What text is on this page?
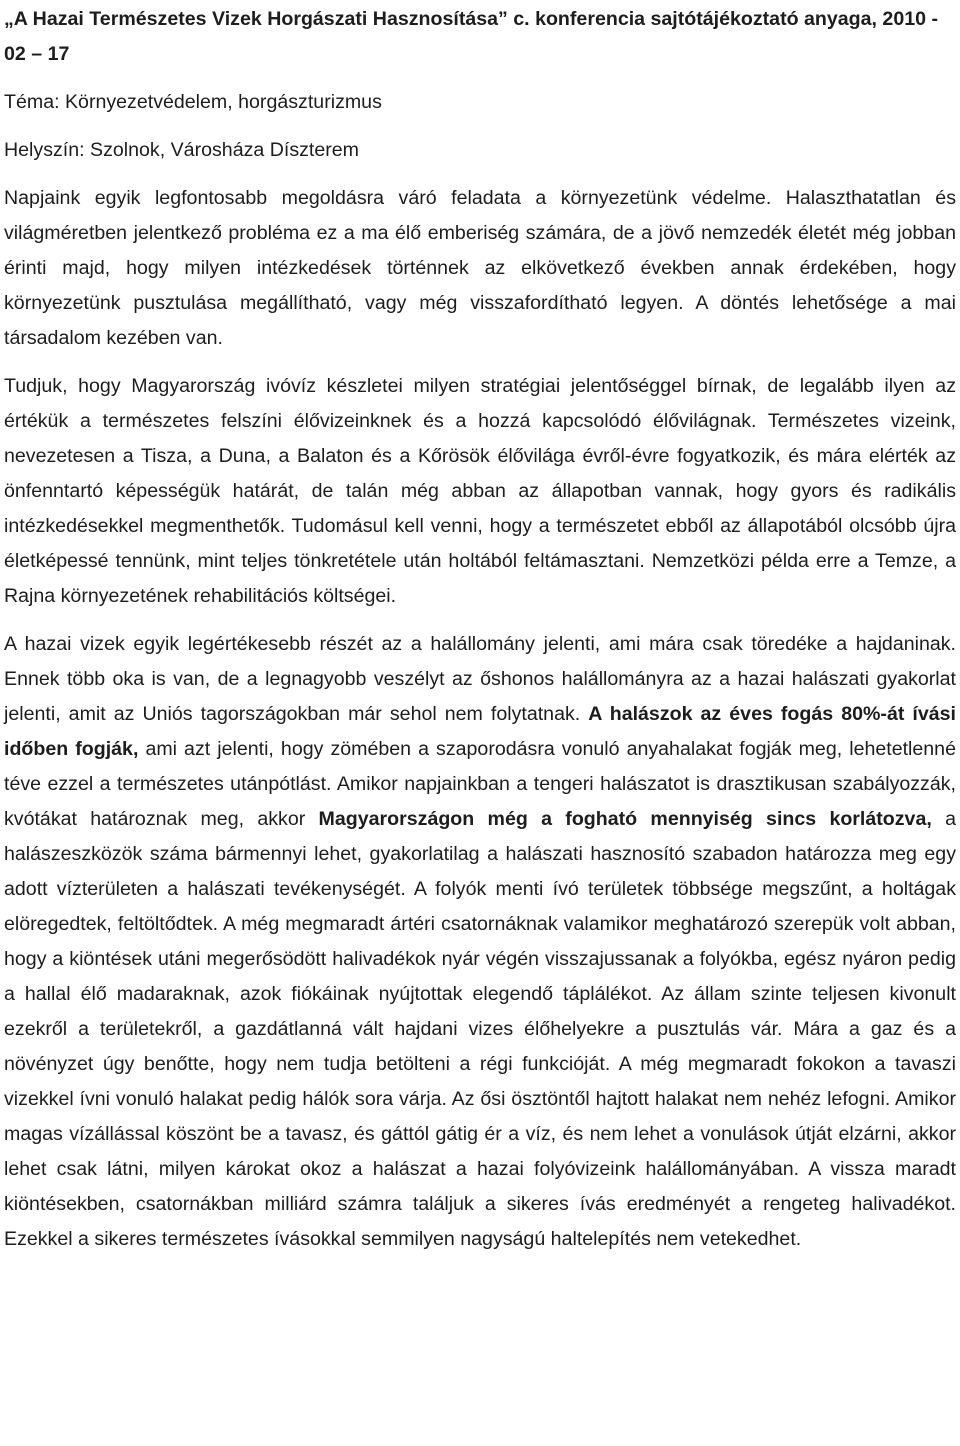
„A Hazai Természetes Vizek Horgászati Hasznosítása” c. konferencia sajtótájékoztató anyaga, 2010 - 02 – 17
Téma: Környezetvédelem, horgászturizmus
Helyszín: Szolnok, Városháza Díszterem

Napjaink egyik legfontosabb megoldásra váró feladata a környezetünk védelme. Halaszthatatlan és világméretben jelentkező probléma ez a ma élő emberiség számára, de a jövő nemzedék életét még jobban érinti majd, hogy milyen intézkedések történnek az elkövetkező években annak érdekében, hogy környezetünk pusztulása megállítható, vagy még visszafordítható legyen. A döntés lehetősége a mai társadalom kezében van.

Tudjuk, hogy Magyarország ivóvíz készletei milyen stratégiai jelentőséggel bírnak, de legalább ilyen az értékük a természetes felszíni élővizeinknek és a hozzá kapcsolódó élővilágnak. Természetes vizeink, nevezetesen a Tisza, a Duna, a Balaton és a Kőrösök élővilága évről-évre fogyatkozik, és mára elérték az önfenntartó képességük határát, de talán még abban az állapotban vannak, hogy gyors és radikális intézkedésekkel megmenthetők. Tudomásul kell venni, hogy a természetet ebből az állapotából olcsóbb újra életképessé tennünk, mint teljes tönkretétele után holtából feltámasztani. Nemzetközi példa erre a Temze, a Rajna környezetének rehabilitációs költségei.

A hazai vizek egyik legértékesebb részét az a halállomány jelenti, ami mára csak töredéke a hajdaninak. Ennek több oka is van, de a legnagyobb veszélyt az őshonos halállományra az a hazai halászati gyakorlat jelenti, amit az Uniós tagországokban már sehol nem folytatnak. A halászok az éves fogás 80%-át ívási időben fogják, ami azt jelenti, hogy zömében a szaporodásra vonuló anyahalakat fogják meg, lehetetlenné téve ezzel a természetes utánpótlást. Amikor napjainkban a tengeri halászatot is drasztikusan szabályozzák, kvótákat határoznak meg, akkor Magyarországon még a fogható mennyiség sincs korlátozva, a halászeszközök száma bármennyi lehet, gyakorlatilag a halászati hasznosító szabadon határozza meg egy adott vízterületen a halászati tevékenységét. A folyók menti ívó területek többsége megszűnt, a holtágak elöregedtek, feltöltődtek. A még megmaradt ártéri csatornáknak valamikor meghatározó szerepük volt abban, hogy a kiöntések utáni megerősödött halivadékok nyár végén visszajussanak a folyókba, egész nyáron pedig a hallal élő madaraknak, azok fiókáinak nyújtottak elegendő táplálékot. Az állam szinte teljesen kivonult ezekről a területekről, a gazdátlanná vált hajdani vizes élőhelyekre a pusztulás vár. Mára a gaz és a növényzet úgy benőtte, hogy nem tudja betölteni a régi funkcióját. A még megmaradt fokokon a tavaszi vizekkel ívni vonuló halakat pedig hálók sora várja. Az ősi ösztöntől hajtott halakat nem nehéz lefogni. Amikor magas vízállással köszönt be a tavasz, és gáttól gátig ér a víz, és nem lehet a vonulások útját elzárni, akkor lehet csak látni, milyen károkat okoz a halászat a hazai folyóvizeink halállományában. A vissza maradt kiöntésekben, csatornákban milliárd számra találjuk a sikeres ívás eredményét a rengeteg halivadékot. Ezekkel a sikeres természetes ívásokkal semmilyen nagyságú haltelepítés nem vetekedhet.
